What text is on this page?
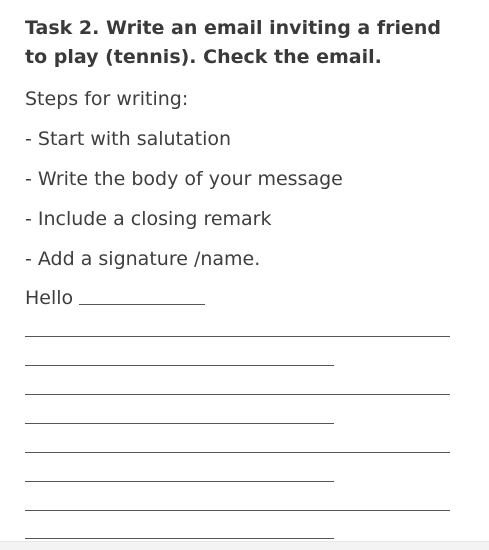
Task 2. Write an email inviting a friend to play (tennis). Check the email.
Steps for writing:
- Start with salutation
- Write the body of your message
- Include a closing remark
- Add a signature /name.
Hello
